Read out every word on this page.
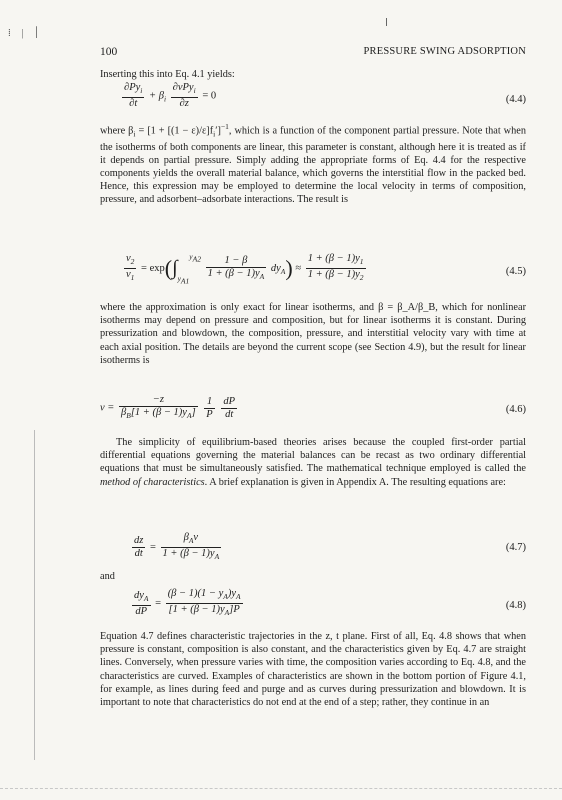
⁞ | ׀
100	PRESSURE SWING ADSORPTION

Inserting this into Eq. 4.1 yields:

$\frac{\partial Py_i}{\partial t} + \beta_i \frac{\partial vPy_i}{\partial z} = 0$	(4.4)

where $\beta_i = [1 + [(1 - \varepsilon)/\varepsilon]f_i']^{-1}$, which is a function of the component partial pressure. Note that when the isotherms of both components are linear, this parameter is constant, although here it is treated as if it depends on partial pressure. Simply adding the appropriate forms of Eq. 4.4 for the respective components yields the overall material balance, which governs the interstitial flow in the packed bed. Hence, this expression may be employed to determine the local velocity in terms of composition, pressure, and adsorbent–adsorbate interactions. The result is

$\frac{v_2}{v_1} = \exp(\int_{y_{A1}}^{y_{A2}} \frac{1 - \beta}{1 + (\beta - 1)y_A} dy_A) \approx \frac{1 + (\beta - 1)y_1}{1 + (\beta - 1)y_2}$	(4.5)

where the approximation is only exact for linear isotherms, and β = β_A/β_B, which for nonlinear isotherms may depend on pressure and composition, but for linear isotherms it is constant. During pressurization and blowdown, the composition, pressure, and interstitial velocity vary with time at each axial position. The details are beyond the current scope (see Section 4.9), but the result for linear isotherms is

$v = \frac{-z}{\beta_B[1 + (\beta - 1)y_A]}$
$\frac{1}{P}$
$\frac{dP}{dt}$	(4.6)

The simplicity of equilibrium-based theories arises because the coupled first-order partial differential equations governing the material balances can be recast as two ordinary differential equations that must be simultaneously satisfied. The mathematical technique employed is called the method of characteristics. A brief explanation is given in Appendix A. The resulting equations are:

$\frac{dz}{dt} = \frac{\beta_Av}{1 + (\beta - 1)y_A}$	(4.7)

and

$\frac{dy_A}{dP} = \frac{(\beta - 1)(1 - y_A)y_A}{[1 + (\beta - 1)y_A]P}$	(4.8)

Equation 4.7 defines characteristic trajectories in the z, t plane. First of all, Eq. 4.8 shows that when pressure is constant, composition is also constant, and the characteristics given by Eq. 4.7 are straight lines. Conversely, when pressure varies with time, the composition varies according to Eq. 4.8, and the characteristics are curved. Examples of characteristics are shown in the bottom portion of Figure 4.1, for example, as lines during feed and purge and as curves during pressurization and blowdown. It is important to note that characteristics do not end at the end of a step; rather, they continue in an
